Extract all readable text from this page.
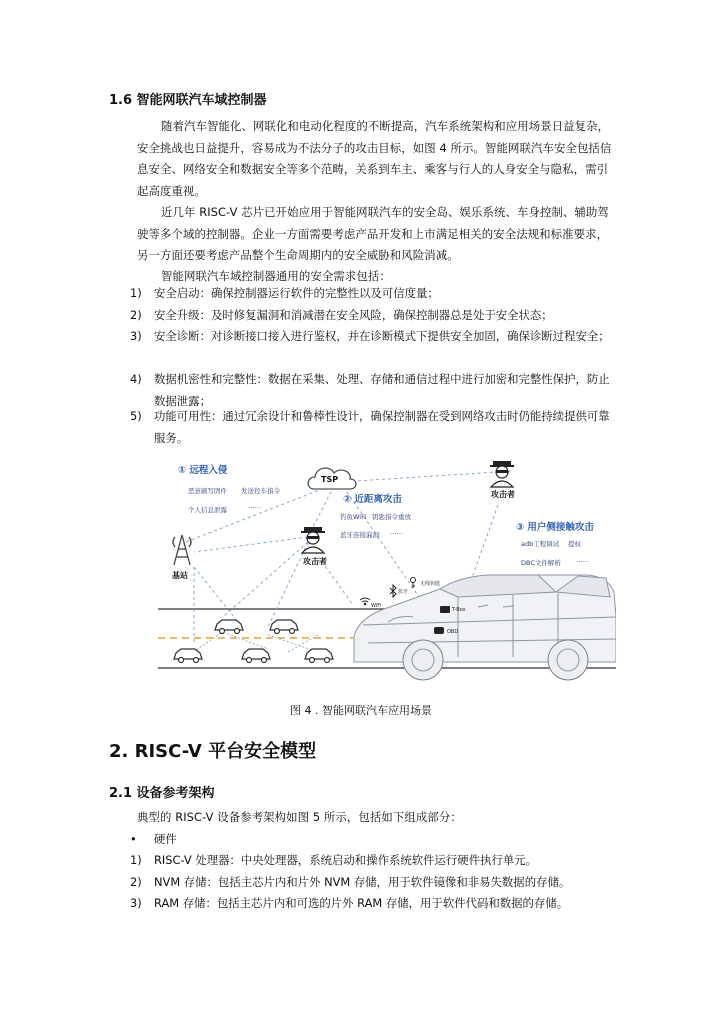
1.6 智能网联汽车域控制器
随着汽车智能化、网联化和电动化程度的不断提高，汽车系统架构和应用场景日益复杂，安全挑战也日益提升，容易成为不法分子的攻击目标，如图 4 所示。智能网联汽车安全包括信息安全、网络安全和数据安全等多个范畴，关系到车主、乘客与行人的人身安全与隐私，需引起高度重视。
近几年 RISC-V 芯片已开始应用于智能网联汽车的安全岛、娱乐系统、车身控制、辅助驾驶等多个域的控制器。企业一方面需要考虑产品开发和上市满足相关的安全法规和标准要求，另一方面还要考虑产品整个生命周期内的安全威胁和风险消减。
智能网联汽车域控制器通用的安全需求包括：
1) 安全启动：确保控制器运行软件的完整性以及可信度量；
2) 安全升级：及时修复漏洞和消减潜在安全风险，确保控制器总是处于安全状态；
3) 安全诊断：对诊断接口接入进行鉴权，并在诊断模式下提供安全加固，确保诊断过程安全；
4) 数据机密性和完整性：数据在采集、处理、存储和通信过程中进行加密和完整性保护，防止数据泄露；
5) 功能可用性：通过冗余设计和鲁棒性设计，确保控制器在受到网络攻击时仍能持续提供可靠服务。
① 远程入侵
恶意刷写固件 发送控车指令
个人信息泄露	……
TSP
② 近距离攻击
钓鱼WiFi 钥匙指令重放
蓝牙连接漏洞 ……	③ 用户侧接触攻击
adb工程调试 提权
DBC文件解析 ……
攻击者
攻击者
基站
蓝牙
WiFi
无线钥匙
T-Box
OBD
图 4 . 智能网联汽车应用场景
2. RISC-V 平台安全模型
2.1 设备参考架构
典型的 RISC-V 设备参考架构如图 5 所示，包括如下组成部分：
• 硬件
1) RISC-V 处理器：中央处理器，系统启动和操作系统软件运行硬件执行单元。
2) NVM 存储：包括主芯片内和片外 NVM 存储，用于软件镜像和非易失数据的存储。
3) RAM 存储：包括主芯片内和可选的片外 RAM 存储，用于软件代码和数据的存储。
